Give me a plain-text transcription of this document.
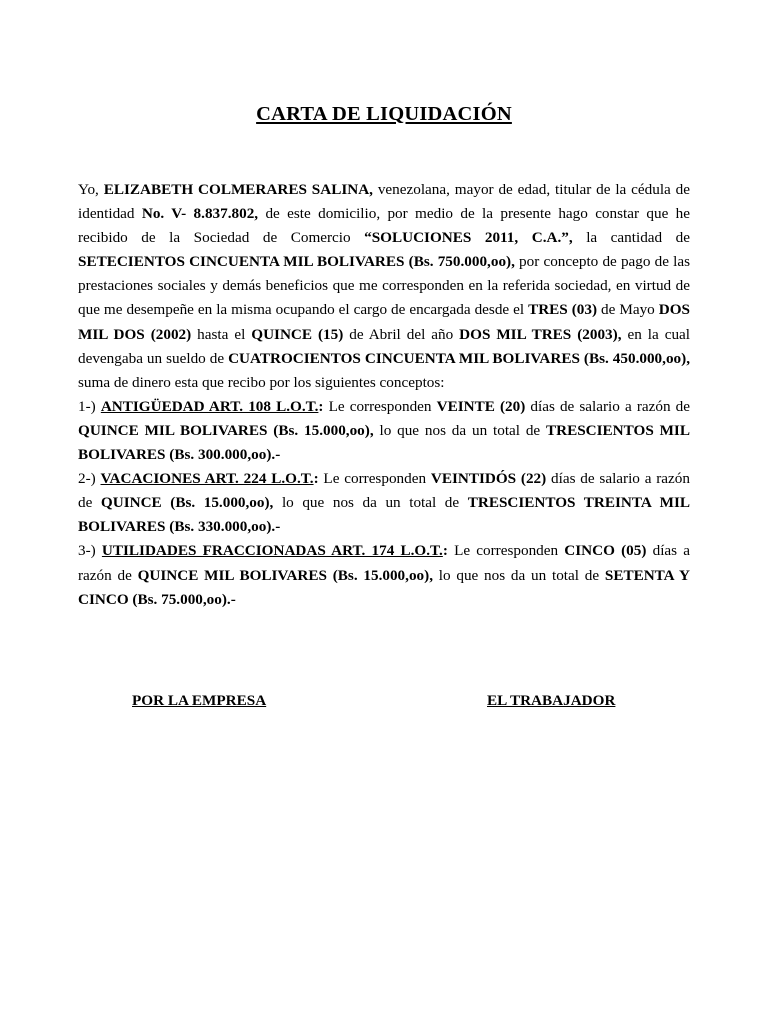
CARTA DE LIQUIDACIÓN

Yo, ELIZABETH COLMERARES SALINA, venezolana, mayor de edad, titular de la cédula de identidad No. V- 8.837.802, de este domicilio, por medio de la presente hago constar que he recibido de la Sociedad de Comercio “SOLUCIONES 2011, C.A.”, la cantidad de SETECIENTOS CINCUENTA MIL BOLIVARES (Bs. 750.000,oo), por concepto de pago de las prestaciones sociales y demás beneficios que me corresponden en la referida sociedad, en virtud de que me desempeñe en la misma ocupando el cargo de encargada desde el TRES (03) de Mayo DOS MIL DOS (2002) hasta el QUINCE (15) de Abril del año DOS MIL TRES (2003), en la cual devengaba un sueldo de CUATROCIENTOS CINCUENTA MIL BOLIVARES (Bs. 450.000,oo), suma de dinero esta que recibo por los siguientes conceptos:

1-) ANTIGÜEDAD ART. 108 L.O.T.: Le corresponden VEINTE (20) días de salario a razón de QUINCE MIL BOLIVARES (Bs. 15.000,oo), lo que nos da un total de TRESCIENTOS MIL BOLIVARES (Bs. 300.000,oo).-

2-) VACACIONES ART. 224 L.O.T.: Le corresponden VEINTIDÓS (22) días de salario a razón de QUINCE (Bs. 15.000,oo), lo que nos da un total de TRESCIENTOS TREINTA MIL BOLIVARES (Bs. 330.000,oo).-

3-) UTILIDADES FRACCIONADAS ART. 174 L.O.T.: Le corresponden CINCO (05) días a razón de QUINCE MIL BOLIVARES (Bs. 15.000,oo), lo que nos da un total de SETENTA Y CINCO (Bs. 75.000,oo).-

POR LA EMPRESA	EL TRABAJADOR
